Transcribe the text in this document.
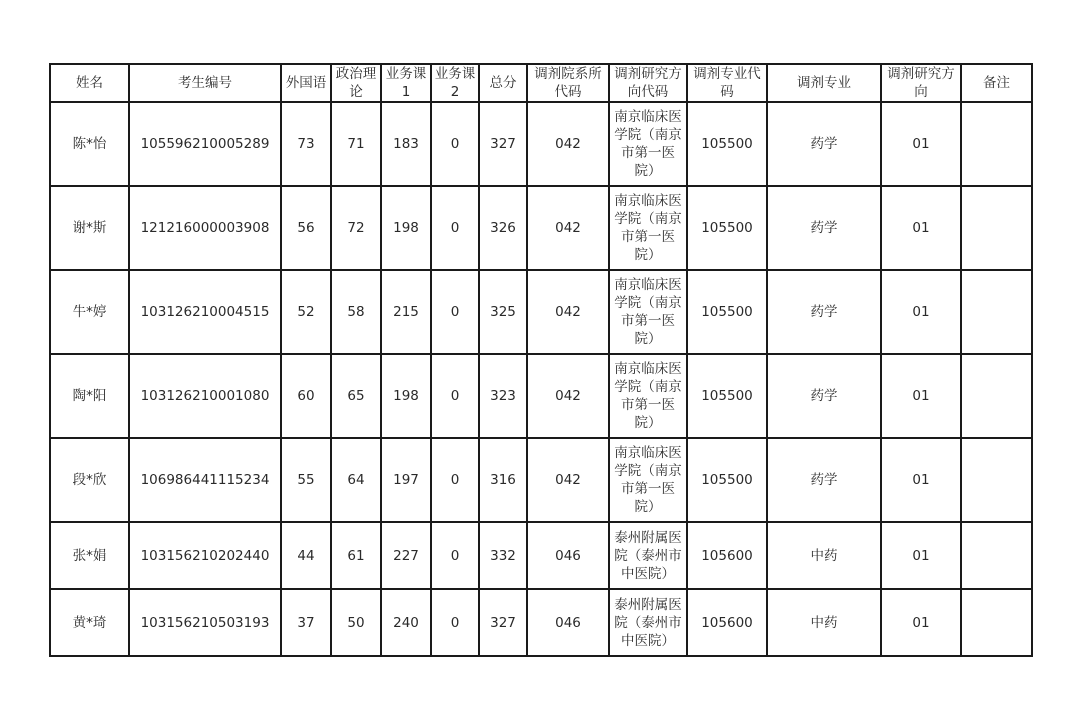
姓名	考生编号	外国语	政治理论	业务课1	业务课2	总分	调剂院系所代码	调剂研究方向代码	调剂专业代码	调剂专业	调剂研究方向	备注
陈*怡	105596210005289	73	71	183	0	327	042	南京临床医学院（南京市第一医院）	105500	药学	01	
谢*斯	121216000003908	56	72	198	0	326	042	南京临床医学院（南京市第一医院）	105500	药学	01	
牛*婷	103126210004515	52	58	215	0	325	042	南京临床医学院（南京市第一医院）	105500	药学	01	
陶*阳	103126210001080	60	65	198	0	323	042	南京临床医学院（南京市第一医院）	105500	药学	01	
段*欣	106986441115234	55	64	197	0	316	042	南京临床医学院（南京市第一医院）	105500	药学	01	
张*娟	103156210202440	44	61	227	0	332	046	泰州附属医院（泰州市中医院）	105600	中药	01	
黄*琦	103156210503193	37	50	240	0	327	046	泰州附属医院（泰州市中医院）	105600	中药	01	
